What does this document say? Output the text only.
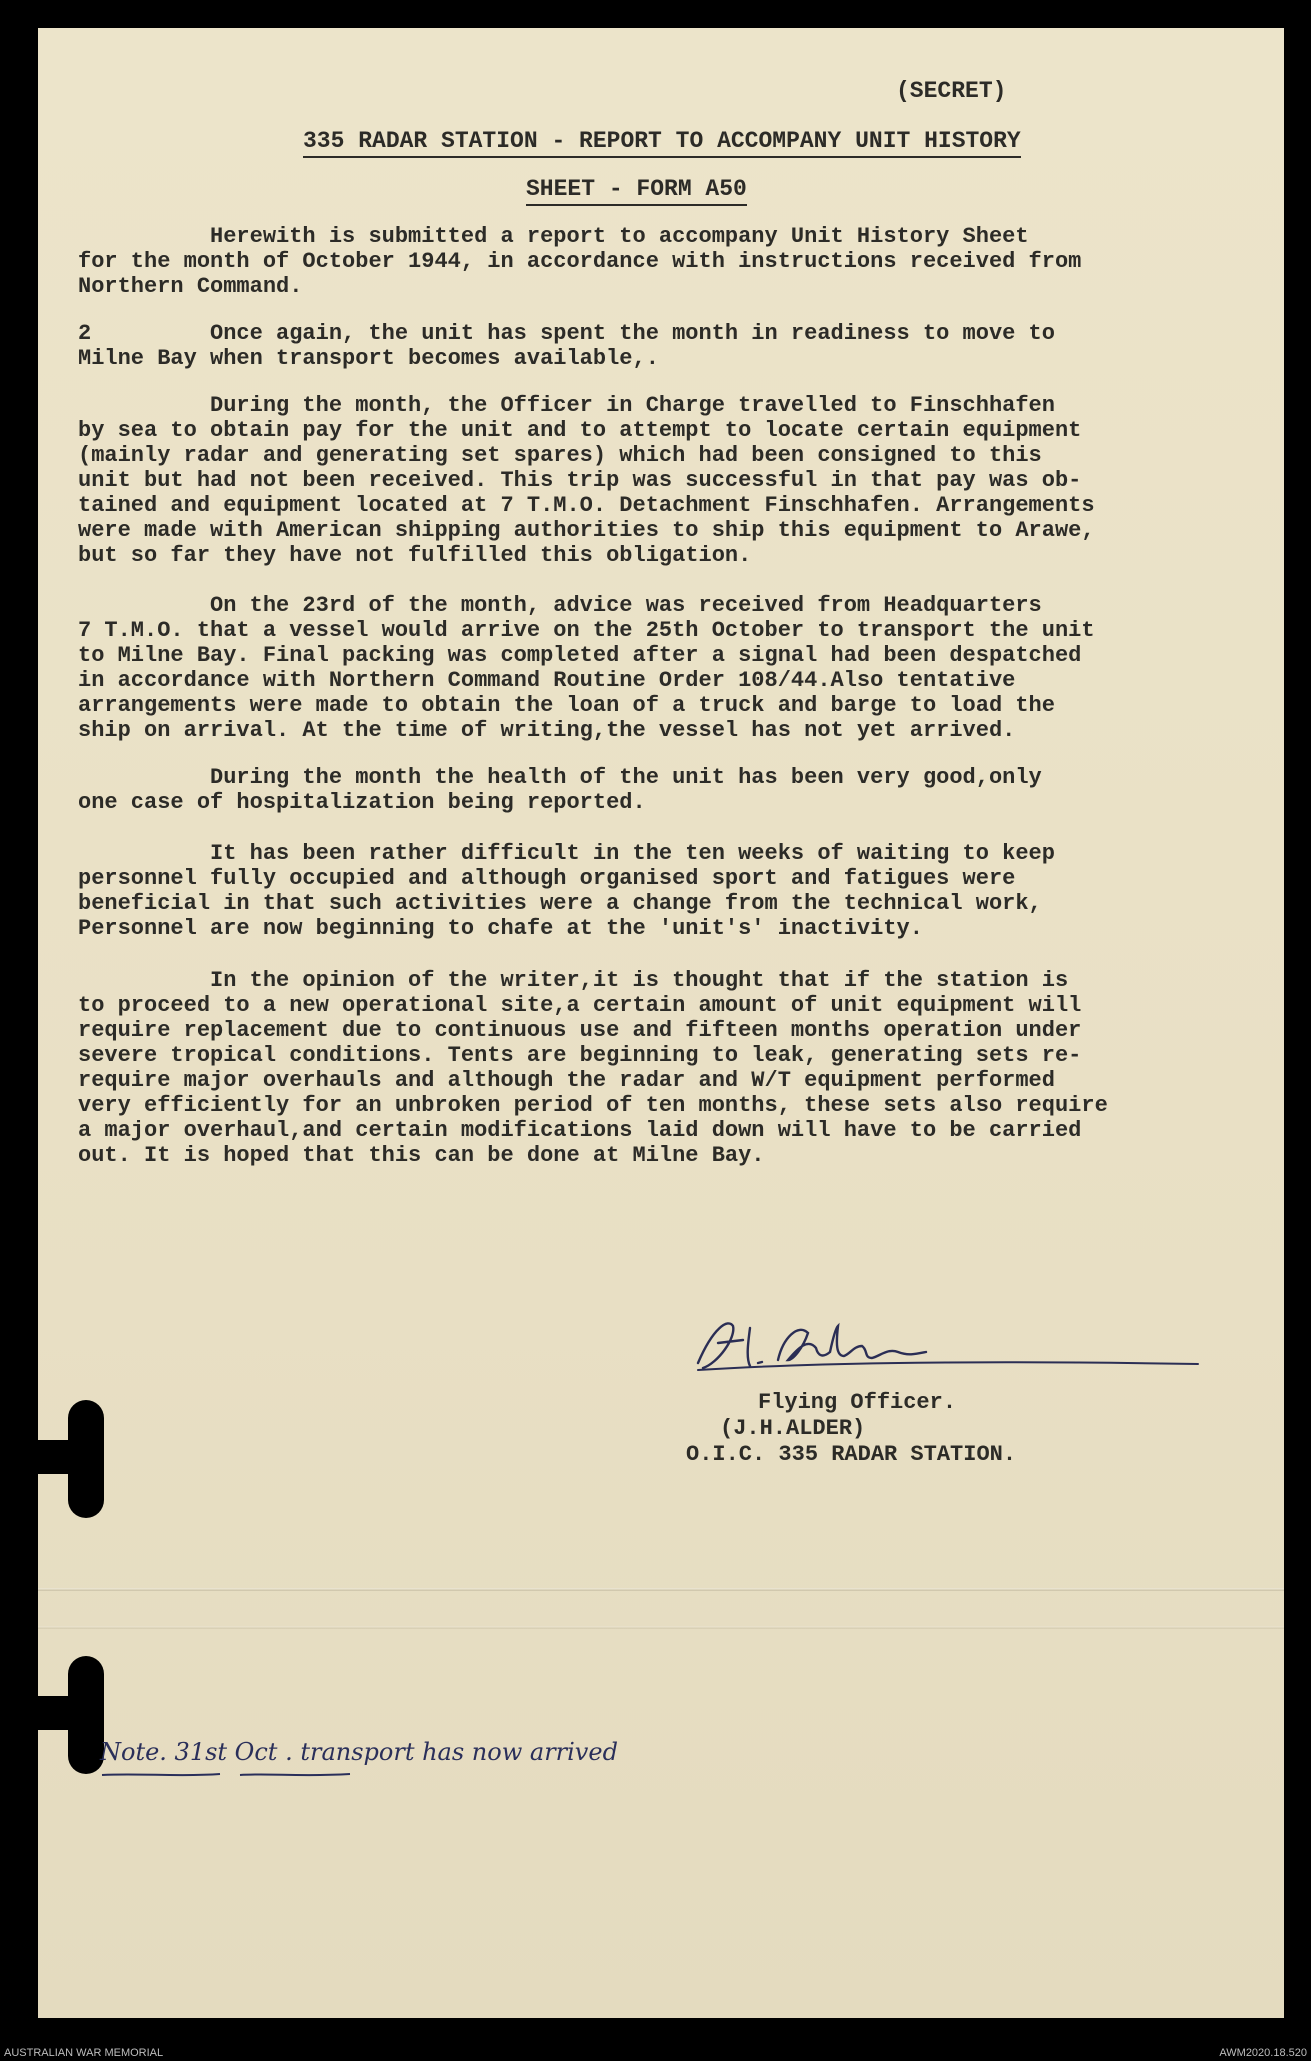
(SECRET)
335 RADAR STATION - REPORT TO ACCOMPANY UNIT HISTORY
SHEET - FORM A50
Herewith is submitted a report to accompany Unit History Sheet
for the month of October 1944, in accordance with instructions received from
Northern Command.
2         Once again, the unit has spent the month in readiness to move to
Milne Bay when transport becomes available,.
During the month, the Officer in Charge travelled to Finschhafen
by sea to obtain pay for the unit and to attempt to locate certain equipment
(mainly radar and generating set spares) which had been consigned to this
unit but had not been received. This trip was successful in that pay was ob-
tained and equipment located at 7 T.M.O. Detachment Finschhafen. Arrangements
were made with American shipping authorities to ship this equipment to Arawe,
but so far they have not fulfilled this obligation.
On the 23rd of the month, advice was received from Headquarters
7 T.M.O. that a vessel would arrive on the 25th October to transport the unit
to Milne Bay. Final packing was completed after a signal had been despatched
in accordance with Northern Command Routine Order 108/44.Also tentative
arrangements were made to obtain the loan of a truck and barge to load the
ship on arrival. At the time of writing,the vessel has not yet arrived.
During the month the health of the unit has been very good,only
one case of hospitalization being reported.
It has been rather difficult in the ten weeks of waiting to keep
personnel fully occupied and although organised sport and fatigues were
beneficial in that such activities were a change from the technical work,
Personnel are now beginning to chafe at the 'unit's' inactivity.
In the opinion of the writer,it is thought that if the station is
to proceed to a new operational site,a certain amount of unit equipment will
require replacement due to continuous use and fifteen months operation under
severe tropical conditions. Tents are beginning to leak, generating sets re-
require major overhauls and although the radar and W/T equipment performed
very efficiently for an unbroken period of ten months, these sets also require
a major overhaul,and certain modifications laid down will have to be carried
out. It is hoped that this can be done at Milne Bay.
Flying Officer.
(J.H.ALDER)
O.I.C. 335 RADAR STATION.
Note. 31st Oct . transport has now arrived
AUSTRALIAN WAR MEMORIAL	AWM2020.18.520
